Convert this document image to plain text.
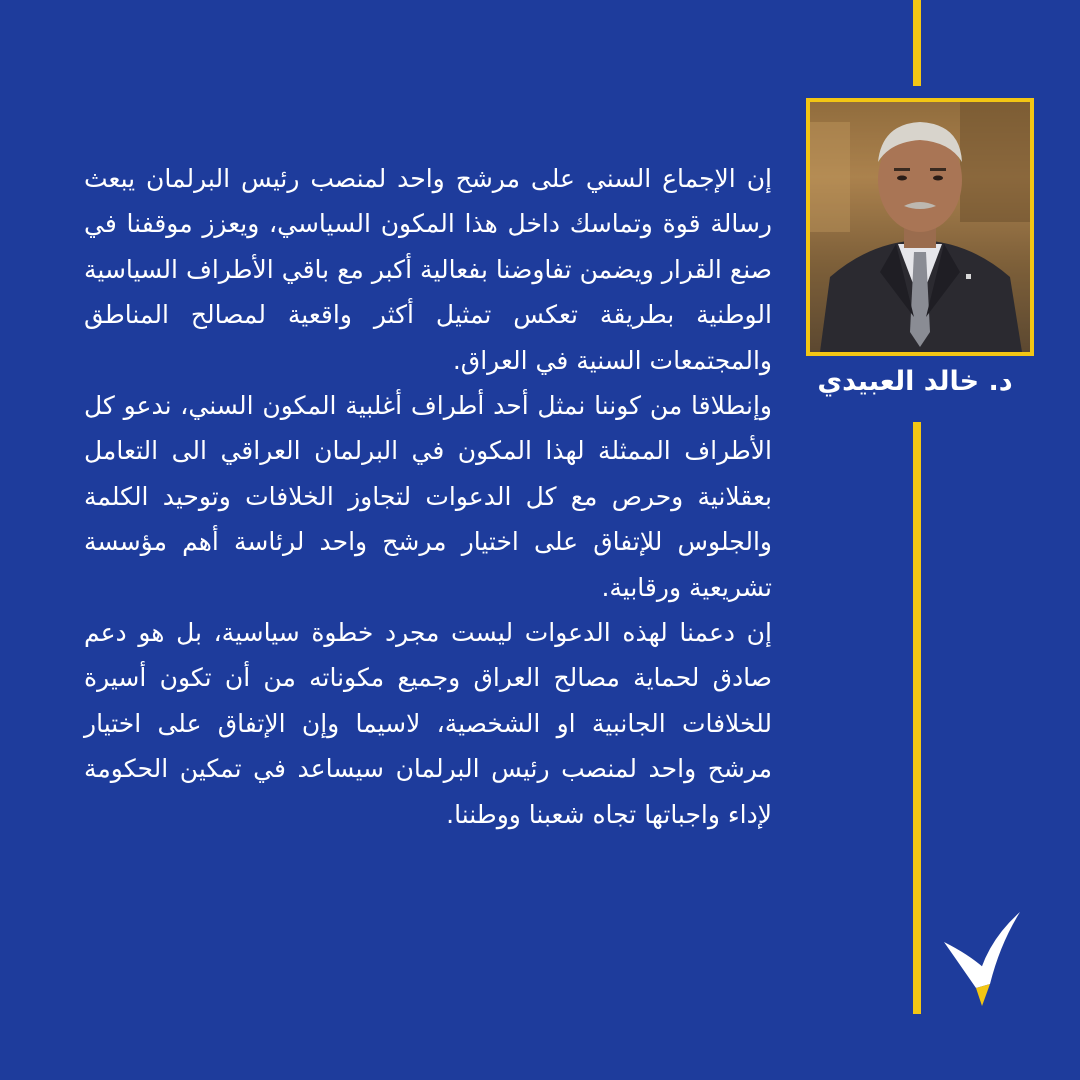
د. خالد العبيدي

إن الإجماع السني على مرشح واحد لمنصب رئيس البرلمان يبعث رسالة قوة وتماسك داخل هذا المكون السياسي، ويعزز موقفنا في صنع القرار ويضمن تفاوضنا بفعالية أكبر مع باقي الأطراف السياسية الوطنية بطريقة تعكس تمثيل أكثر واقعية لمصالح المناطق والمجتمعات السنية في العراق.

وإنطلاقا من كوننا نمثل أحد أطراف أغلبية المكون السني، ندعو كل الأطراف الممثلة لهذا المكون في البرلمان العراقي الى التعامل بعقلانية وحرص مع كل الدعوات لتجاوز الخلافات وتوحيد الكلمة والجلوس للإتفاق على اختيار مرشح واحد لرئاسة أهم مؤسسة تشريعية ورقابية.

إن دعمنا لهذه الدعوات ليست مجرد خطوة سياسية، بل هو دعم صادق لحماية مصالح العراق وجميع مكوناته من أن تكون أسيرة للخلافات الجانبية او الشخصية، لاسيما وإن الإتفاق على اختيار مرشح واحد لمنصب رئيس البرلمان سيساعد في تمكين الحكومة لإداء واجباتها تجاه شعبنا ووطننا.
